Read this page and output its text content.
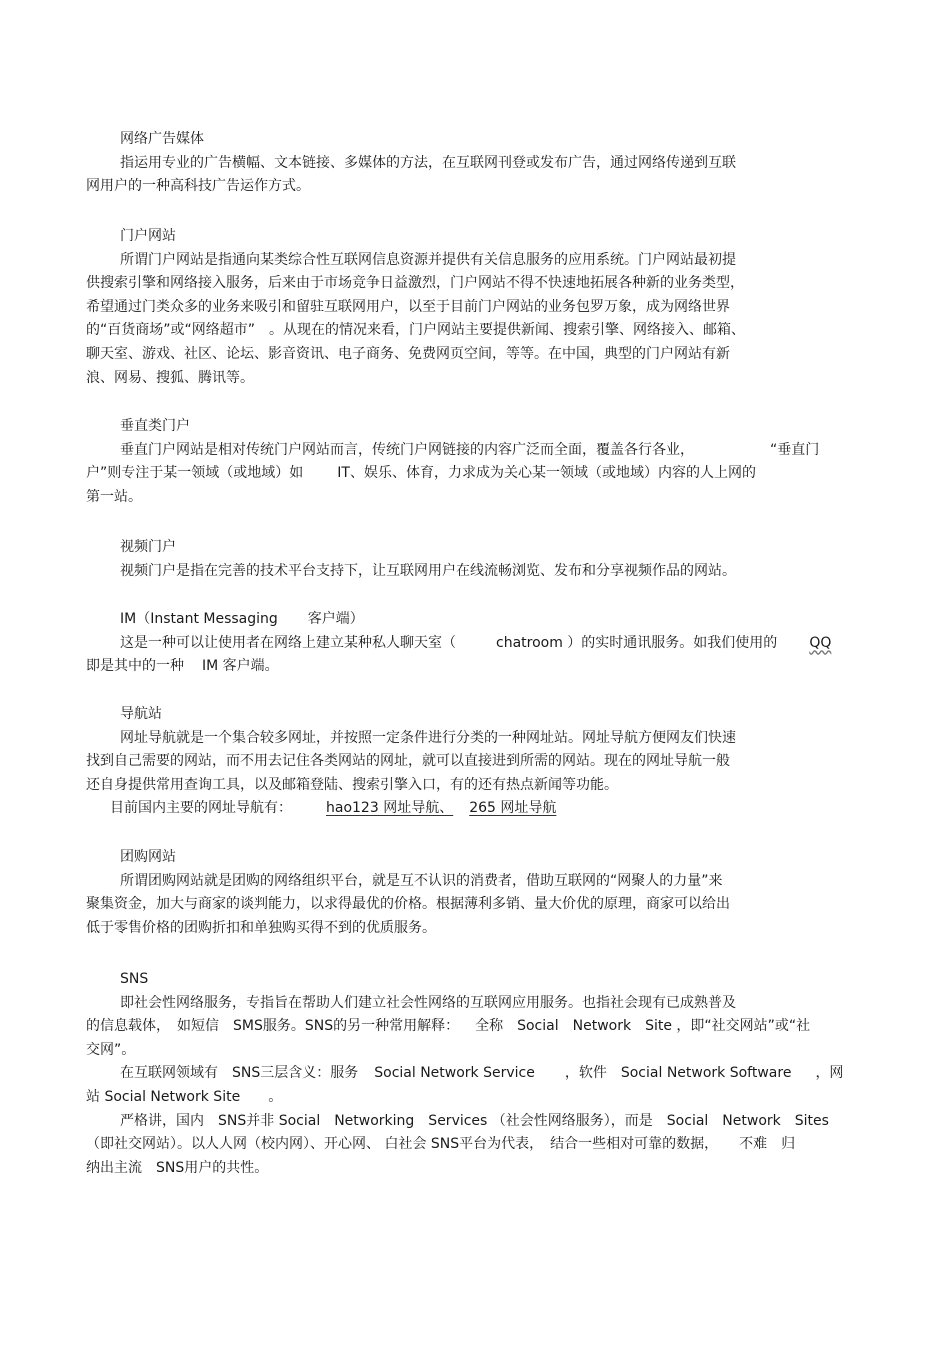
网络广告媒体

指运用专业的广告横幅、文本链接、多媒体的方法，在互联网刊登或发布广告，通过网络传递到互联

网用户的一种高科技广告运作方式。

门户网站

所谓门户网站是指通向某类综合性互联网信息资源并提供有关信息服务的应用系统。门户网站最初提

供搜索引擎和网络接入服务，后来由于市场竞争日益激烈，门户网站不得不快速地拓展各种新的业务类型，

希望通过门类众多的业务来吸引和留驻互联网用户，以至于目前门户网站的业务包罗万象，成为网络世界

的“百货商场”或“网络超市”　。从现在的情况来看，门户网站主要提供新闻、搜索引擎、网络接入、邮箱、

聊天室、游戏、社区、论坛、影音资讯、电子商务、免费网页空间，等等。在中国，典型的门户网站有新

浪、网易、搜狐、腾讯等。

垂直类门户

垂直门户网站是相对传统门户网站而言，传统门户网链接的内容广泛而全面，覆盖各行各业，	“垂直门

户”则专注于某一领域（或地域）如 IT、娱乐、体育，力求成为关心某一领域（或地域）内容的人上网的

第一站。

视频门户

视频门户是指在完善的技术平台支持下，让互联网用户在线流畅浏览、发布和分享视频作品的网站。

IM（Instant Messaging 客户端）

这是一种可以让使用者在网络上建立某种私人聊天室（	chatroom ）的实时通讯服务。如我们使用的 QQ

即是其中的一种 IM 客户端。

导航站

网址导航就是一个集合较多网址，并按照一定条件进行分类的一种网址站。网址导航方便网友们快速

找到自己需要的网站，而不用去记住各类网站的网址，就可以直接进到所需的网站。现在的网址导航一般

还自身提供常用查询工具，以及邮箱登陆、搜索引擎入口，有的还有热点新闻等功能。

目前国内主要的网址导航有： hao123 网址导航、 265 网址导航

团购网站

所谓团购网站就是团购的网络组织平台，就是互不认识的消费者，借助互联网的“网聚人的力量”来

聚集资金，加大与商家的谈判能力，以求得最优的价格。根据薄利多销、量大价优的原理，商家可以给出

低于零售价格的团购折扣和单独购买得不到的优质服务。

SNS

即社会性网络服务，专指旨在帮助人们建立社会性网络的互联网应用服务。也指社会现有已成熟普及

的信息载体，　如短信　SMS服务。SNS的另一种常用解释： 全称　Social　Network　Site ，即“社交网站”或“社

交网”。

在互联网领域有　SNS三层含义：服务 Social Network Service ，软件　Social Network Software ，网

站 Social Network Site　　。

严格讲，国内　SNS并非 Social　Networking　Services （社会性网络服务），而是　Social　Network　Sites

（即社交网站）。以人人网（校内网）、开心网、 白社会 SNS平台为代表，　结合一些相对可靠的数据，　　不难　归

纳出主流　SNS用户的共性。
